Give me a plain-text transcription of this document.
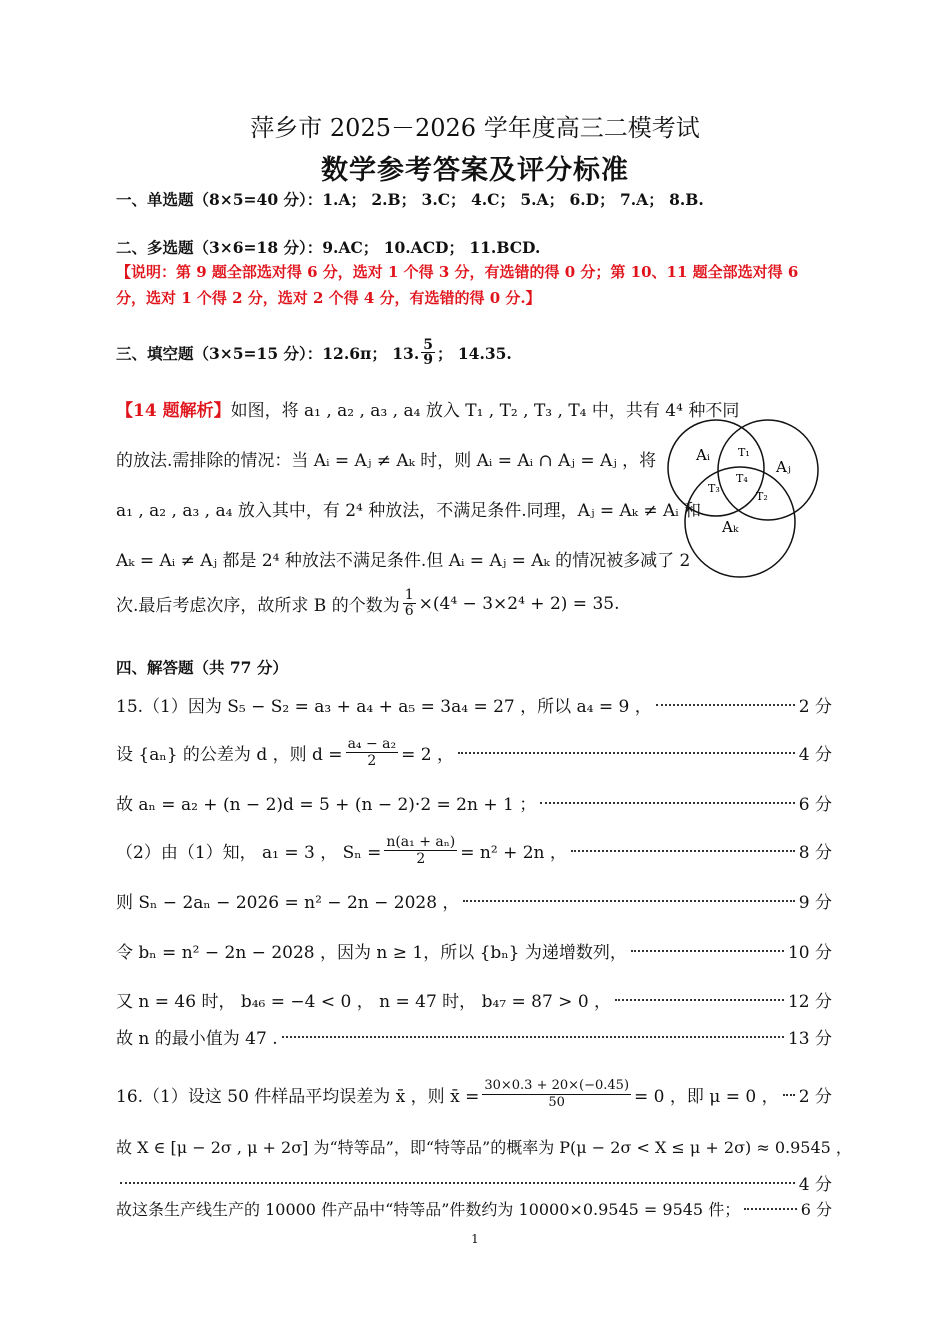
萍乡市 2025－2026 学年度高三二模考试
数学参考答案及评分标准
一、单选题（8×5=40 分）：1.A； 2.B； 3.C； 4.C； 5.A； 6.D； 7.A； 8.B.
二、多选题（3×6=18 分）：9.AC； 10.ACD； 11.BCD.
【说明：第 9 题全部选对得 6 分，选对 1 个得 3 分，有选错的得 0 分；第 10、11 题全部选对得 6
分，选对 1 个得 2 分，选对 2 个得 4 分，有选错的得 0 分.】
三、填空题（3×5=15 分）：12.6π； 13. $\frac{5}{9}$ ； 14.35.
【14 题解析】如图，将 a₁ , a₂ , a₃ , a₄ 放入 T₁ , T₂ , T₃ , T₄ 中，共有 4⁴ 种不同
的放法.需排除的情况：当 Aᵢ = Aⱼ ≠ Aₖ 时，则 Aᵢ = Aᵢ ∩ Aⱼ = Aⱼ ，将
a₁ , a₂ , a₃ , a₄ 放入其中，有 2⁴ 种放法，不满足条件.同理，Aⱼ = Aₖ ≠ Aᵢ 和
Aₖ = Aᵢ ≠ Aⱼ 都是 2⁴ 种放法不满足条件.但 Aᵢ = Aⱼ = Aₖ 的情况被多减了 2
次.最后考虑次序，故所求 B 的个数为 $\frac{1}{6} \times(4^4 - 3\times 2^4 + 2) = 35$.
Aᵢ
Aⱼ
Aₖ
T₁
T₂
T₃
T₄
四、解答题（共 77 分）
15.（1）因为 S₅ − S₂ = a₃ + a₄ + a₅ = 3a₄ = 27 ，所以 a₄ = 9 ，	2 分
设 {aₙ} 的公差为 d ，则 $d = \frac{\text{a₄ − a₂}}{2} = 2$ ，	4 分
故 aₙ = a₂ + (n − 2)d = 5 + (n − 2)·2 = 2n + 1 ；	6 分
（2）由（1）知， a₁ = 3 ， $S_n = \frac{\text{n(a₁ + aₙ)}}{2} = n^2 + 2n$ ，	8 分
则 Sₙ − 2aₙ − 2026 = n² − 2n − 2028 ，	9 分
令 bₙ = n² − 2n − 2028 ，因为 n ≥ 1，所以 {bₙ} 为递增数列，	10 分
又 n = 46 时， b₄₆ = −4 < 0 ， n = 47 时， b₄₇ = 87 > 0 ，	12 分
故 n 的最小值为 47 .	13 分
16.（1）设这 50 件样品平均误差为 x̄ ，则 x̄ = $\frac{30\times 0.3 + 20\times(-0.45)}{50} = 0$ ，即 μ = 0 ， 2 分
故 X ∈ [μ − 2σ , μ + 2σ] 为“特等品”，即“特等品”的概率为 P(μ − 2σ < X ≤ μ + 2σ) ≈ 0.9545 ，
4 分
故这条生产线生产的 10000 件产品中“特等品”件数约为 10000×0.9545 = 9545 件；	6 分
1
